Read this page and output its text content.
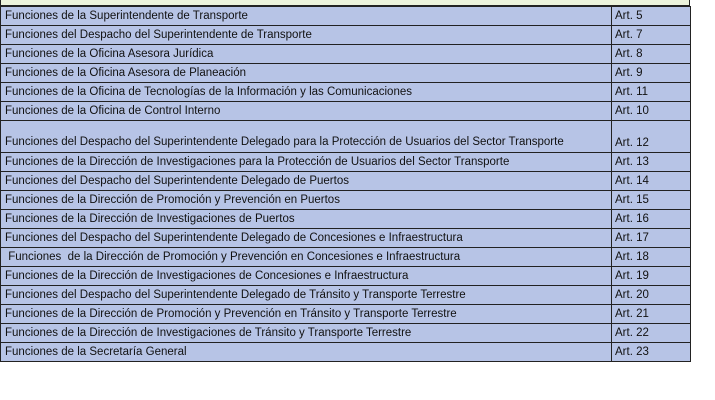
Funciones de la Superintendente de Transporte	Art. 5
Funciones del Despacho del Superintendente de Transporte	Art. 7
Funciones de la Oficina Asesora Jurídica	Art. 8
Funciones de la Oficina Asesora de Planeación	Art. 9
Funciones de la Oficina de Tecnologías de la Información y las Comunicaciones	Art. 11
Funciones de la Oficina de Control Interno	Art. 10
Funciones del Despacho del Superintendente Delegado para la Protección de Usuarios del Sector Transporte	Art. 12
Funciones de la Dirección de Investigaciones para la Protección de Usuarios del Sector Transporte	Art. 13
Funciones del Despacho del Superintendente Delegado de Puertos	Art. 14
Funciones de la Dirección de Promoción y Prevención en Puertos	Art. 15
Funciones de la Dirección de Investigaciones de Puertos	Art. 16
Funciones del Despacho del Superintendente Delegado de Concesiones e Infraestructura	Art. 17
Funciones  de la Dirección de Promoción y Prevención en Concesiones e Infraestructura	Art. 18
Funciones de la Dirección de Investigaciones de Concesiones e Infraestructura	Art. 19
Funciones del Despacho del Superintendente Delegado de Tránsito y Transporte Terrestre	Art. 20
Funciones de la Dirección de Promoción y Prevención en Tránsito y Transporte Terrestre	Art. 21
Funciones de la Dirección de Investigaciones de Tránsito y Transporte Terrestre	Art. 22
Funciones de la Secretaría General	Art. 23
